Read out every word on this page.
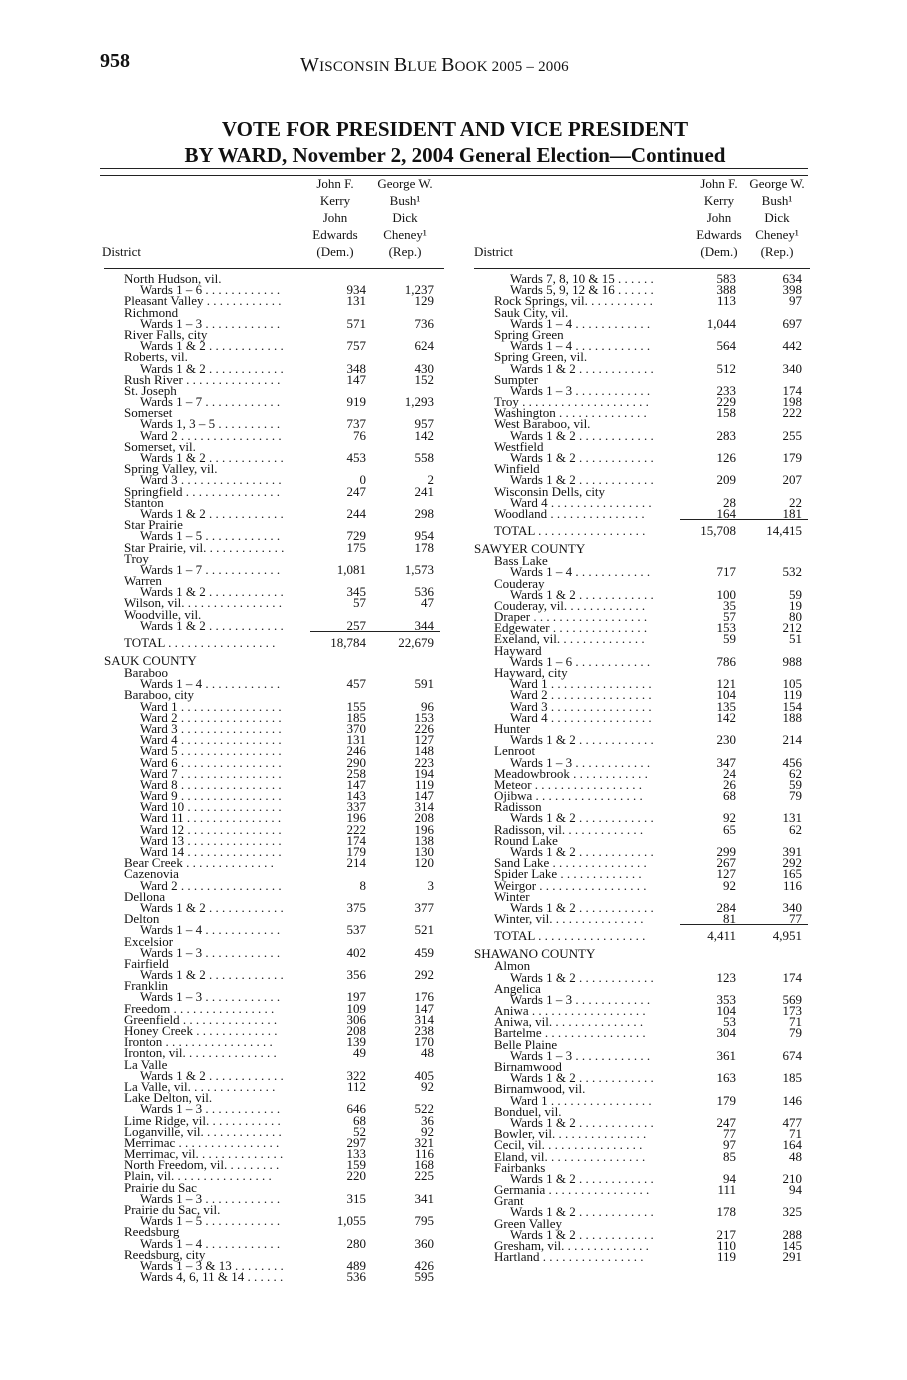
958	WISCONSIN BLUE BOOK 2005 – 2006
VOTE FOR PRESIDENT AND VICE PRESIDENT
BY WARD, November 2, 2004 General Election—Continued
District
John F.
Kerry
John
Edwards
(Dem.)
George W.
Bush¹
Dick
Cheney¹
(Rep.)
North Hudson, vil.
Wards 1 – 6 . . . . . . . . . . . .	934	1,237
Pleasant Valley . . . . . . . . . . . .	131	129
Richmond
Wards 1 – 3 . . . . . . . . . . . .	571	736
River Falls, city
Wards 1 & 2 . . . . . . . . . . . .	757	624
Roberts, vil.
Wards 1 & 2 . . . . . . . . . . . .	348	430
Rush River . . . . . . . . . . . . . . .	147	152
St. Joseph
Wards 1 – 7 . . . . . . . . . . . .	919	1,293
Somerset
Wards 1, 3 – 5 . . . . . . . . . .	737	957
Ward 2 . . . . . . . . . . . . . . . .	76	142
Somerset, vil.
Wards 1 & 2 . . . . . . . . . . . .	453	558
Spring Valley, vil.
Ward 3 . . . . . . . . . . . . . . . .	0	2
Springfield . . . . . . . . . . . . . . .	247	241
Stanton
Wards 1 & 2 . . . . . . . . . . . .	244	298
Star Prairie
Wards 1 – 5 . . . . . . . . . . . .	729	954
Star Prairie, vil. . . . . . . . . . . . .	175	178
Troy
Wards 1 – 7 . . . . . . . . . . . .	1,081	1,573
Warren
Wards 1 & 2 . . . . . . . . . . . .	345	536
Wilson, vil. . . . . . . . . . . . . . . .	57	47
Woodville, vil.
Wards 1 & 2 . . . . . . . . . . . .	257	344
TOTAL . . . . . . . . . . . . . . . . .	18,784 22,679
SAUK COUNTY
Baraboo
Wards 1 – 4 . . . . . . . . . . . .	457	591
Baraboo, city
Ward 1 . . . . . . . . . . . . . . . .	155	96
Ward 2 . . . . . . . . . . . . . . . .	185	153
Ward 3 . . . . . . . . . . . . . . . .	370	226
Ward 4 . . . . . . . . . . . . . . . .	131	127
Ward 5 . . . . . . . . . . . . . . . .	246	148
Ward 6 . . . . . . . . . . . . . . . .	290	223
Ward 7 . . . . . . . . . . . . . . . .	258	194
Ward 8 . . . . . . . . . . . . . . . .	147	119
Ward 9 . . . . . . . . . . . . . . . .	143	147
Ward 10 . . . . . . . . . . . . . . .	337	314
Ward 11 . . . . . . . . . . . . . . .	196	208
Ward 12 . . . . . . . . . . . . . . .	222	196
Ward 13 . . . . . . . . . . . . . . .	174	138
Ward 14 . . . . . . . . . . . . . . .	179	130
Bear Creek . . . . . . . . . . . . . .	214	120
Cazenovia
Ward 2 . . . . . . . . . . . . . . . .	8	3
Dellona
Wards 1 & 2 . . . . . . . . . . . .	375	377
Delton
Wards 1 – 4 . . . . . . . . . . . .	537	521
Excelsior
Wards 1 – 3 . . . . . . . . . . . .	402	459
Fairfield
Wards 1 & 2 . . . . . . . . . . . .	356	292
Franklin
Wards 1 – 3 . . . . . . . . . . . .	197	176
Freedom . . . . . . . . . . . . . . . .	109	147
Greenfield . . . . . . . . . . . . . . .	306	314
Honey Creek . . . . . . . . . . . . .	208	238
Ironton . . . . . . . . . . . . . . . . .	139	170
Ironton, vil. . . . . . . . . . . . . . .	49	48
La Valle
Wards 1 & 2 . . . . . . . . . . . .	322	405
La Valle, vil. . . . . . . . . . . . . .	112	92
Lake Delton, vil.
Wards 1 – 3 . . . . . . . . . . . .	646	522
Lime Ridge, vil. . . . . . . . . . . .	68	36
Loganville, vil. . . . . . . . . . . . .	52	92
Merrimac . . . . . . . . . . . . . . . .	297	321
Merrimac, vil. . . . . . . . . . . . . .	133	116
North Freedom, vil. . . . . . . . .	159	168
Plain, vil. . . . . . . . . . . . . . . .	220	225
Prairie du Sac
Wards 1 – 3 . . . . . . . . . . . .	315	341
Prairie du Sac, vil.
Wards 1 – 5 . . . . . . . . . . . .	1,055	795
Reedsburg
Wards 1 – 4 . . . . . . . . . . . .	280	360
Reedsburg, city
Wards 1 – 3 & 13 . . . . . . . .	489	426
Wards 4, 6, 11 & 14 . . . . . .	536	595
District
John F.
Kerry
John
Edwards
(Dem.)
George W.
Bush¹
Dick
Cheney¹
(Rep.)
Wards 7, 8, 10 & 15 . . . . . .	583	634
Wards 5, 9, 12 & 16 . . . . . .	388	398
Rock Springs, vil. . . . . . . . . . .	113	97
Sauk City, vil.
Wards 1 – 4 . . . . . . . . . . . .	1,044	697
Spring Green
Wards 1 – 4 . . . . . . . . . . . .	564	442
Spring Green, vil.
Wards 1 & 2 . . . . . . . . . . . .	512	340
Sumpter
Wards 1 – 3 . . . . . . . . . . . .	233	174
Troy . . . . . . . . . . . . . . . . . . . .	229	198
Washington . . . . . . . . . . . . . .	158	222
West Baraboo, vil.
Wards 1 & 2 . . . . . . . . . . . .	283	255
Westfield
Wards 1 & 2 . . . . . . . . . . . .	126	179
Winfield
Wards 1 & 2 . . . . . . . . . . . .	209	207
Wisconsin Dells, city
Ward 4 . . . . . . . . . . . . . . . .	28	22
Woodland . . . . . . . . . . . . . . .	164	181
TOTAL . . . . . . . . . . . . . . . . .	15,708 14,415
SAWYER COUNTY
Bass Lake
Wards 1 – 4 . . . . . . . . . . . .	717	532
Couderay
Wards 1 & 2 . . . . . . . . . . . .	100	59
Couderay, vil. . . . . . . . . . . . .	35	19
Draper . . . . . . . . . . . . . . . . . .	57	80
Edgewater . . . . . . . . . . . . . . .	153	212
Exeland, vil. . . . . . . . . . . . . .	59	51
Hayward
Wards 1 – 6 . . . . . . . . . . . .	786	988
Hayward, city
Ward 1 . . . . . . . . . . . . . . . .	121	105
Ward 2 . . . . . . . . . . . . . . . .	104	119
Ward 3 . . . . . . . . . . . . . . . .	135	154
Ward 4 . . . . . . . . . . . . . . . .	142	188
Hunter
Wards 1 & 2 . . . . . . . . . . . .	230	214
Lenroot
Wards 1 – 3 . . . . . . . . . . . .	347	456
Meadowbrook . . . . . . . . . . . .	24	62
Meteor . . . . . . . . . . . . . . . . .	26	59
Ojibwa . . . . . . . . . . . . . . . . .	68	79
Radisson
Wards 1 & 2 . . . . . . . . . . . .	92	131
Radisson, vil. . . . . . . . . . . . .	65	62
Round Lake
Wards 1 & 2 . . . . . . . . . . . .	299	391
Sand Lake . . . . . . . . . . . . . . .	267	292
Spider Lake . . . . . . . . . . . . .	127	165
Weirgor . . . . . . . . . . . . . . . . .	92	116
Winter
Wards 1 & 2 . . . . . . . . . . . .	284	340
Winter, vil. . . . . . . . . . . . . . .	81	77
TOTAL . . . . . . . . . . . . . . . . .	4,411	4,951
SHAWANO COUNTY
Almon
Wards 1 & 2 . . . . . . . . . . . .	123	174
Angelica
Wards 1 – 3 . . . . . . . . . . . .	353	569
Aniwa . . . . . . . . . . . . . . . . . .	104	173
Aniwa, vil. . . . . . . . . . . . . . .	53	71
Bartelme . . . . . . . . . . . . . . . .	304	79
Belle Plaine
Wards 1 – 3 . . . . . . . . . . . .	361	674
Birnamwood
Wards 1 & 2 . . . . . . . . . . . .	163	185
Birnamwood, vil.
Ward 1 . . . . . . . . . . . . . . . .	179	146
Bonduel, vil.
Wards 1 & 2 . . . . . . . . . . . .	247	477
Bowler, vil. . . . . . . . . . . . . . .	77	71
Cecil, vil. . . . . . . . . . . . . . . .	97	164
Eland, vil. . . . . . . . . . . . . . . .	85	48
Fairbanks
Wards 1 & 2 . . . . . . . . . . . .	94	210
Germania . . . . . . . . . . . . . . . .	111	94
Grant
Wards 1 & 2 . . . . . . . . . . . .	178	325
Green Valley
Wards 1 & 2 . . . . . . . . . . . .	217	288
Gresham, vil. . . . . . . . . . . . . .	110	145
Hartland . . . . . . . . . . . . . . . .	119	291
